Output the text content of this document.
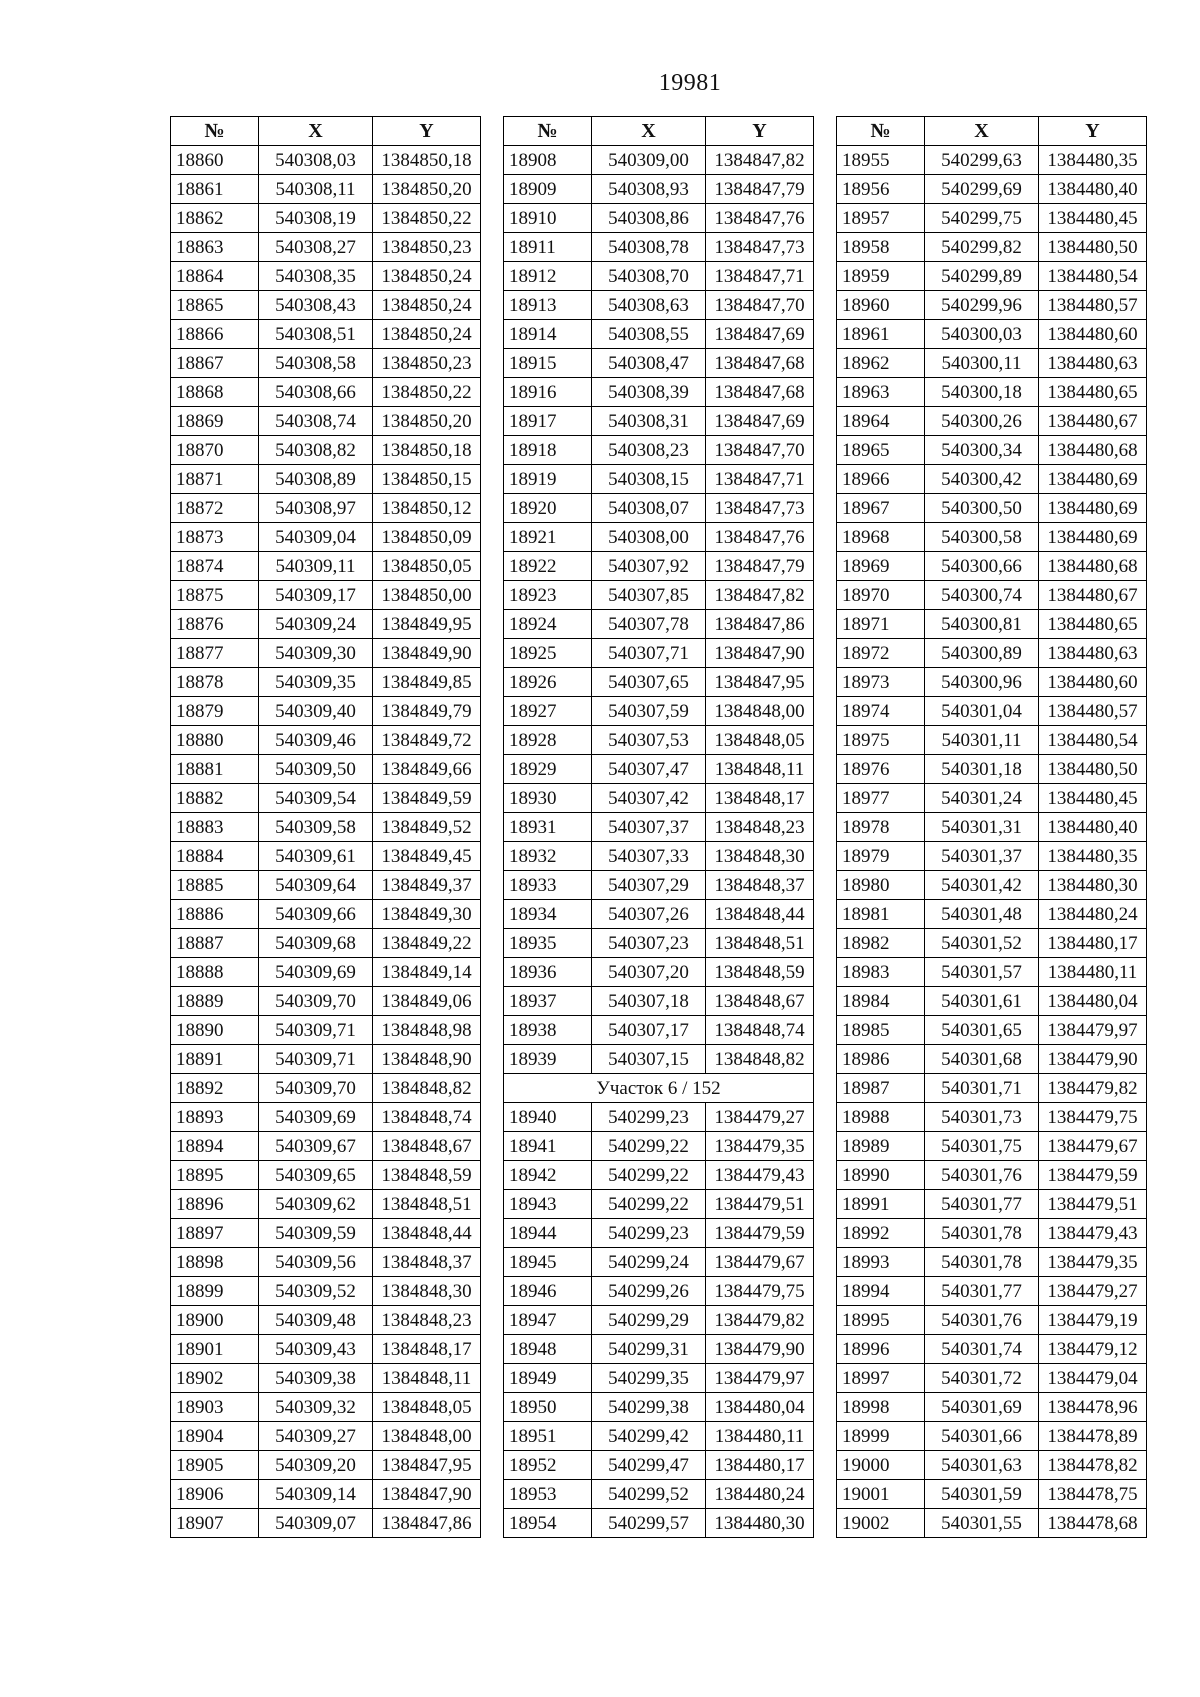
19981
№	X	Y
18860	540308,03	1384850,18
18861	540308,11	1384850,20
18862	540308,19	1384850,22
18863	540308,27	1384850,23
18864	540308,35	1384850,24
18865	540308,43	1384850,24
18866	540308,51	1384850,24
18867	540308,58	1384850,23
18868	540308,66	1384850,22
18869	540308,74	1384850,20
18870	540308,82	1384850,18
18871	540308,89	1384850,15
18872	540308,97	1384850,12
18873	540309,04	1384850,09
18874	540309,11	1384850,05
18875	540309,17	1384850,00
18876	540309,24	1384849,95
18877	540309,30	1384849,90
18878	540309,35	1384849,85
18879	540309,40	1384849,79
18880	540309,46	1384849,72
18881	540309,50	1384849,66
18882	540309,54	1384849,59
18883	540309,58	1384849,52
18884	540309,61	1384849,45
18885	540309,64	1384849,37
18886	540309,66	1384849,30
18887	540309,68	1384849,22
18888	540309,69	1384849,14
18889	540309,70	1384849,06
18890	540309,71	1384848,98
18891	540309,71	1384848,90
18892	540309,70	1384848,82
18893	540309,69	1384848,74
18894	540309,67	1384848,67
18895	540309,65	1384848,59
18896	540309,62	1384848,51
18897	540309,59	1384848,44
18898	540309,56	1384848,37
18899	540309,52	1384848,30
18900	540309,48	1384848,23
18901	540309,43	1384848,17
18902	540309,38	1384848,11
18903	540309,32	1384848,05
18904	540309,27	1384848,00
18905	540309,20	1384847,95
18906	540309,14	1384847,90
18907	540309,07	1384847,86
№	X	Y
18908	540309,00	1384847,82
18909	540308,93	1384847,79
18910	540308,86	1384847,76
18911	540308,78	1384847,73
18912	540308,70	1384847,71
18913	540308,63	1384847,70
18914	540308,55	1384847,69
18915	540308,47	1384847,68
18916	540308,39	1384847,68
18917	540308,31	1384847,69
18918	540308,23	1384847,70
18919	540308,15	1384847,71
18920	540308,07	1384847,73
18921	540308,00	1384847,76
18922	540307,92	1384847,79
18923	540307,85	1384847,82
18924	540307,78	1384847,86
18925	540307,71	1384847,90
18926	540307,65	1384847,95
18927	540307,59	1384848,00
18928	540307,53	1384848,05
18929	540307,47	1384848,11
18930	540307,42	1384848,17
18931	540307,37	1384848,23
18932	540307,33	1384848,30
18933	540307,29	1384848,37
18934	540307,26	1384848,44
18935	540307,23	1384848,51
18936	540307,20	1384848,59
18937	540307,18	1384848,67
18938	540307,17	1384848,74
18939	540307,15	1384848,82
Участок 6 / 152		
18940	540299,23	1384479,27
18941	540299,22	1384479,35
18942	540299,22	1384479,43
18943	540299,22	1384479,51
18944	540299,23	1384479,59
18945	540299,24	1384479,67
18946	540299,26	1384479,75
18947	540299,29	1384479,82
18948	540299,31	1384479,90
18949	540299,35	1384479,97
18950	540299,38	1384480,04
18951	540299,42	1384480,11
18952	540299,47	1384480,17
18953	540299,52	1384480,24
18954	540299,57	1384480,30
№	X	Y
18955	540299,63	1384480,35
18956	540299,69	1384480,40
18957	540299,75	1384480,45
18958	540299,82	1384480,50
18959	540299,89	1384480,54
18960	540299,96	1384480,57
18961	540300,03	1384480,60
18962	540300,11	1384480,63
18963	540300,18	1384480,65
18964	540300,26	1384480,67
18965	540300,34	1384480,68
18966	540300,42	1384480,69
18967	540300,50	1384480,69
18968	540300,58	1384480,69
18969	540300,66	1384480,68
18970	540300,74	1384480,67
18971	540300,81	1384480,65
18972	540300,89	1384480,63
18973	540300,96	1384480,60
18974	540301,04	1384480,57
18975	540301,11	1384480,54
18976	540301,18	1384480,50
18977	540301,24	1384480,45
18978	540301,31	1384480,40
18979	540301,37	1384480,35
18980	540301,42	1384480,30
18981	540301,48	1384480,24
18982	540301,52	1384480,17
18983	540301,57	1384480,11
18984	540301,61	1384480,04
18985	540301,65	1384479,97
18986	540301,68	1384479,90
18987	540301,71	1384479,82
18988	540301,73	1384479,75
18989	540301,75	1384479,67
18990	540301,76	1384479,59
18991	540301,77	1384479,51
18992	540301,78	1384479,43
18993	540301,78	1384479,35
18994	540301,77	1384479,27
18995	540301,76	1384479,19
18996	540301,74	1384479,12
18997	540301,72	1384479,04
18998	540301,69	1384478,96
18999	540301,66	1384478,89
19000	540301,63	1384478,82
19001	540301,59	1384478,75
19002	540301,55	1384478,68
